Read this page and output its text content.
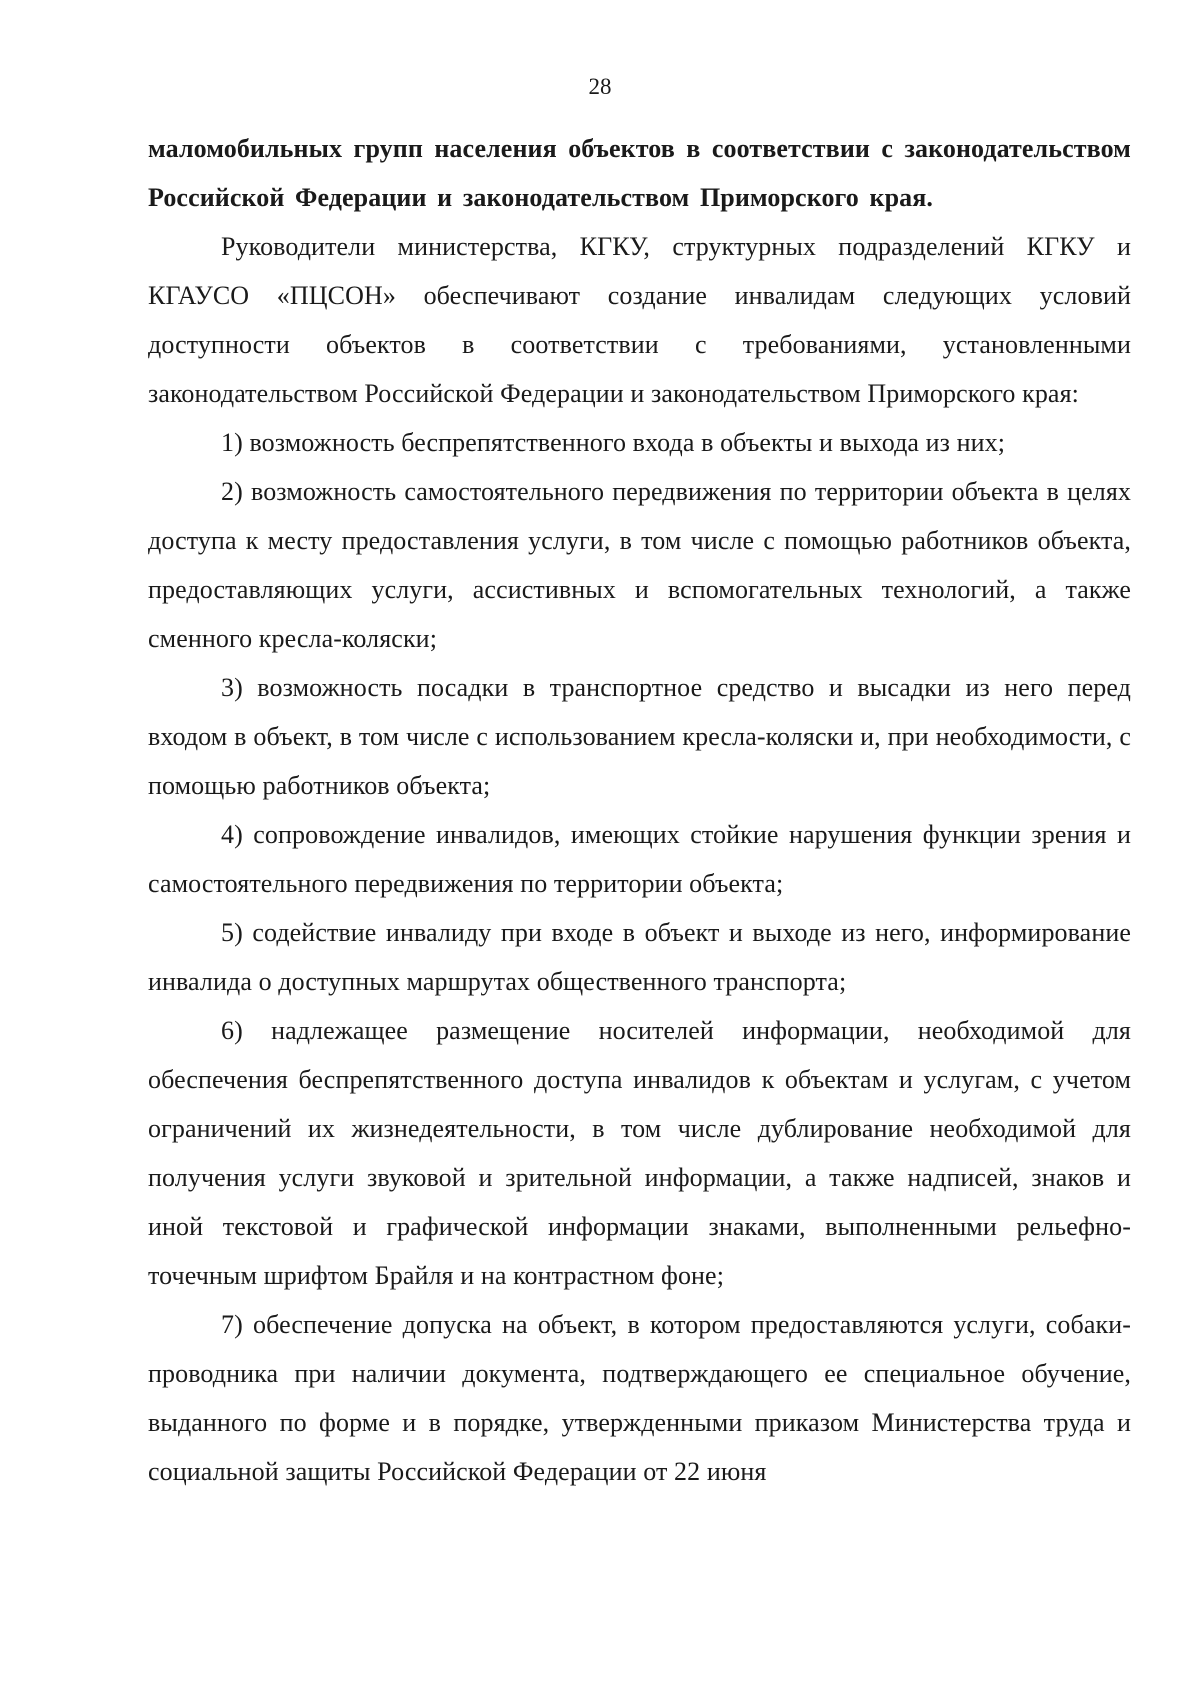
28

маломобильных групп населения объектов в соответствии с законодательством Российской Федерации и законодательством Приморского края.

Руководители министерства, КГКУ, структурных подразделений КГКУ и КГАУСО «ПЦСОН» обеспечивают создание инвалидам следующих условий доступности объектов в соответствии с требованиями, установленными законодательством Российской Федерации и законодательством Приморского края:

1) возможность беспрепятственного входа в объекты и выхода из них;

2) возможность самостоятельного передвижения по территории объекта в целях доступа к месту предоставления услуги, в том числе с помощью работников объекта, предоставляющих услуги, ассистивных и вспомогательных технологий, а также сменного кресла-коляски;

3) возможность посадки в транспортное средство и высадки из него перед входом в объект, в том числе с использованием кресла-коляски и, при необходимости, с помощью работников объекта;

4) сопровождение инвалидов, имеющих стойкие нарушения функции зрения и самостоятельного передвижения по территории объекта;

5) содействие инвалиду при входе в объект и выходе из него, информирование инвалида о доступных маршрутах общественного транспорта;

6) надлежащее размещение носителей информации, необходимой для обеспечения беспрепятственного доступа инвалидов к объектам и услугам, с учетом ограничений их жизнедеятельности, в том числе дублирование необходимой для получения услуги звуковой и зрительной информации, а также надписей, знаков и иной текстовой и графической информации знаками, выполненными рельефно-точечным шрифтом Брайля и на контрастном фоне;

7) обеспечение допуска на объект, в котором предоставляются услуги, собаки-проводника при наличии документа, подтверждающего ее специальное обучение, выданного по форме и в порядке, утвержденными приказом Министерства труда и социальной защиты Российской Федерации от 22 июня
